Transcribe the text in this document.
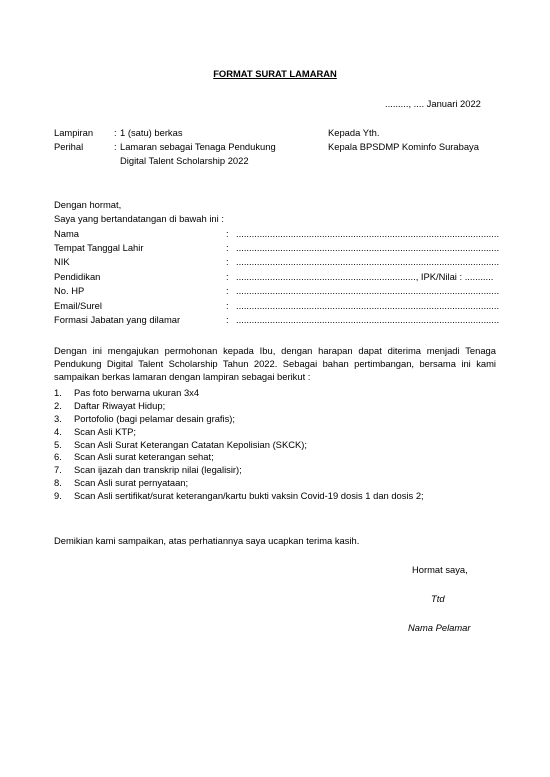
FORMAT SURAT LAMARAN
........., .... Januari 2022
Lampiran : 1 (satu) berkas
Perihal	: Lamaran sebagai Tenaga Pendukung
Digital Talent Scholarship 2022
Kepada Yth.
Kepala BPSDMP Kominfo Surabaya
Dengan hormat,
Saya yang bertandatangan di bawah ini :
Nama	: .....................................................................................................
Tempat Tanggal Lahir	: .....................................................................................................
NIK	: .....................................................................................................
Pendidikan	: ....................................................................., IPK/Nilai : ...........
No. HP	: .....................................................................................................
Email/Surel	: .....................................................................................................
Formasi Jabatan yang dilamar	: .....................................................................................................
Dengan ini mengajukan permohonan kepada Ibu, dengan harapan dapat diterima menjadi Tenaga Pendukung Digital Talent Scholarship Tahun 2022. Sebagai bahan pertimbangan, bersama ini kami sampaikan berkas lamaran dengan lampiran sebagai berikut :
1. Pas foto berwarna ukuran 3x4
2. Daftar Riwayat Hidup;
3. Portofolio (bagi pelamar desain grafis);
4. Scan Asli KTP;
5. Scan Asli Surat Keterangan Catatan Kepolisian (SKCK);
6. Scan Asli surat keterangan sehat;
7. Scan ijazah dan transkrip nilai (legalisir);
8. Scan Asli surat pernyataan;
9. Scan Asli sertifikat/surat keterangan/kartu bukti vaksin Covid-19 dosis 1 dan dosis 2;
Demikian kami sampaikan, atas perhatiannya saya ucapkan terima kasih.
Hormat saya,
Ttd
Nama Pelamar
